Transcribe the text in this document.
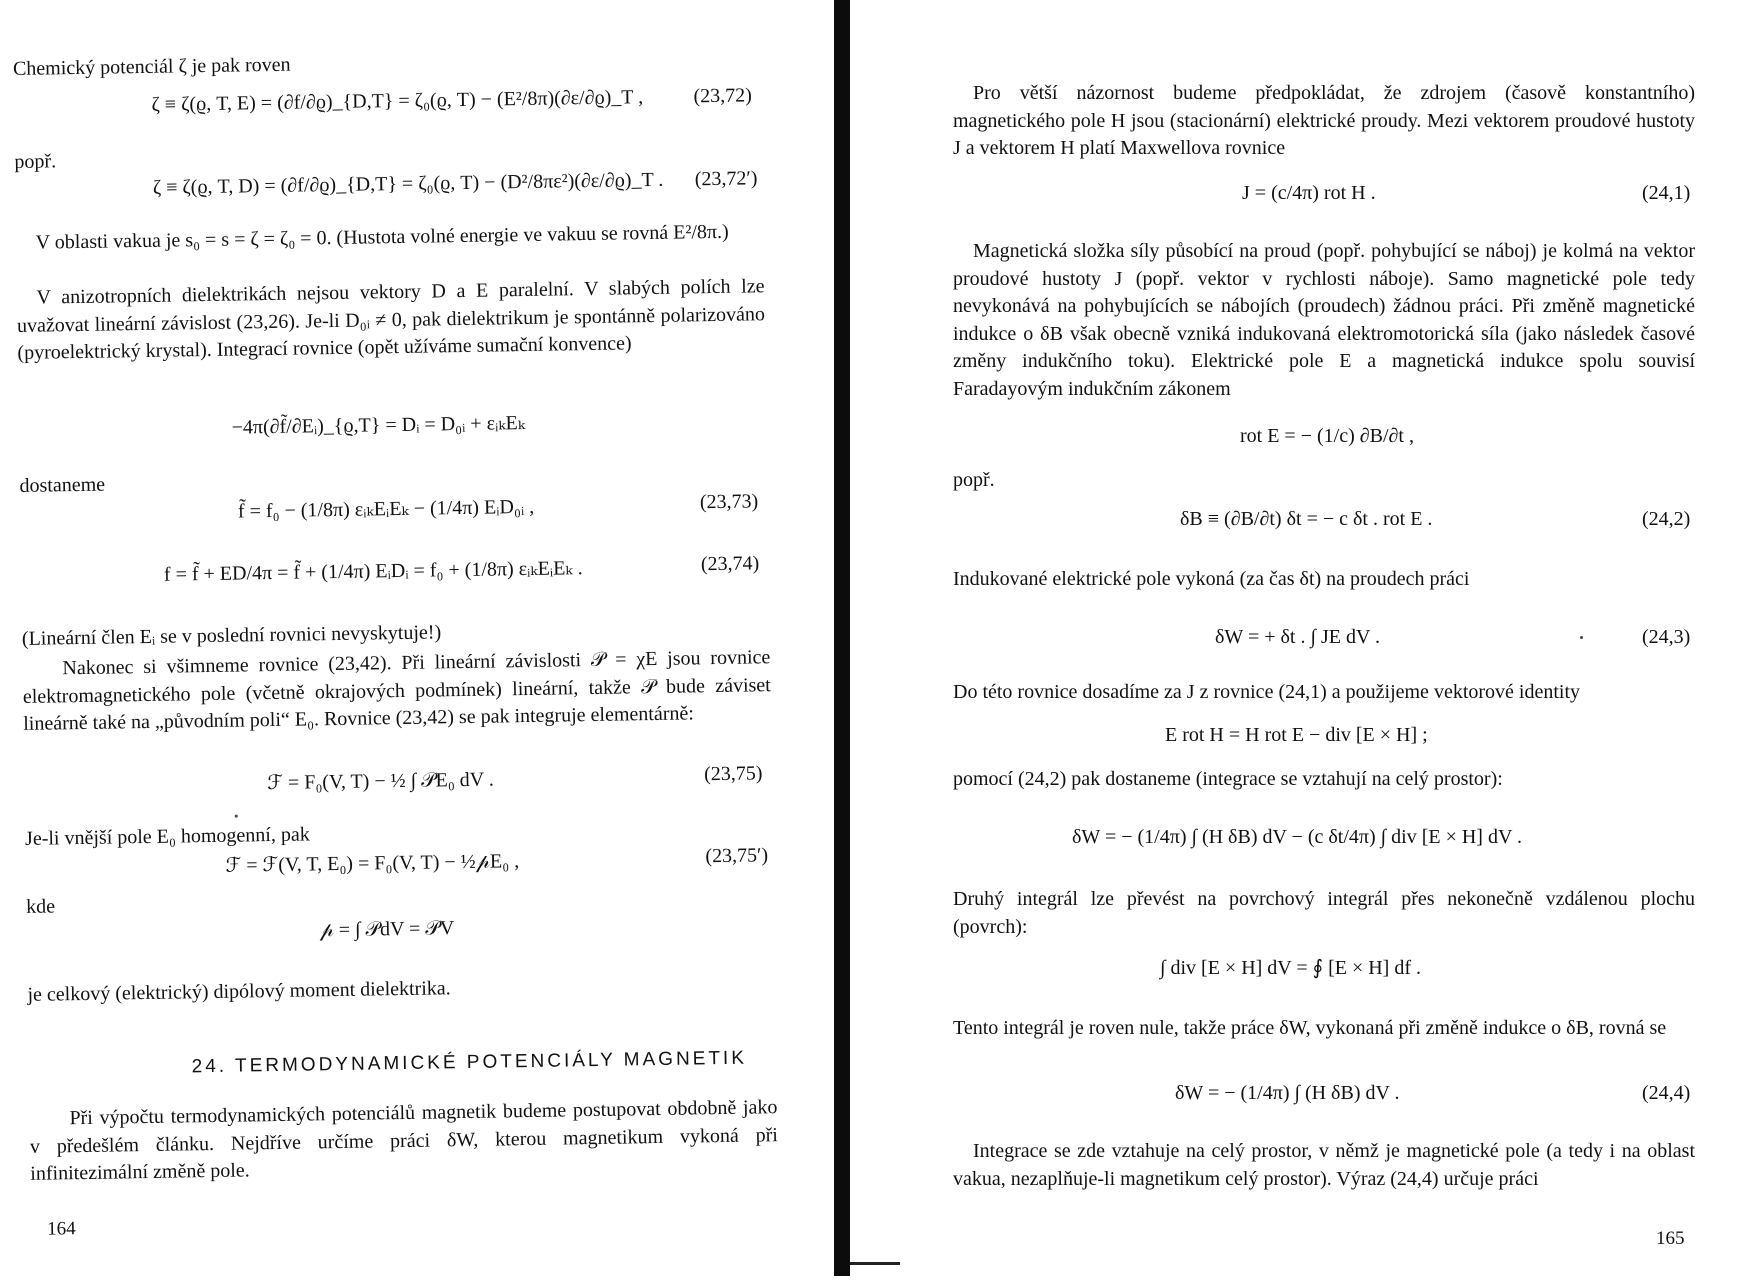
Chemický potenciál ζ je pak roven
ζ ≡ ζ(ϱ, T, E) = (∂f/∂ϱ)_{D,T} = ζ₀(ϱ, T) − (E²/8π)(∂ε/∂ϱ)_T , (23,72)
popř.
ζ ≡ ζ(ϱ, T, D) = (∂f/∂ϱ)_{D,T} = ζ₀(ϱ, T) − (D²/8πε²)(∂ε/∂ϱ)_T . (23,72′)

V oblasti vakua je s₀ = s = ζ = ζ₀ = 0. (Hustota volné energie ve vakuu se rovná E²/8π.)

V anizotropních dielektrikách nejsou vektory D a E paralelní. V slabých polích lze uvažovat lineární závislost (23,26). Je-li D₀ᵢ ≠ 0, pak dielektrikum je spontánně polarizováno (pyroelektrický krystal). Integrací rovnice (opět užíváme sumační konvence)

−4π(∂f̃/∂Eᵢ)_{ϱ,T} = Dᵢ = D₀ᵢ + εᵢₖEₖ
dostaneme
f̃ = f₀ − (1/8π) εᵢₖEᵢEₖ − (1/4π) EᵢD₀ᵢ ,	(23,73)
f = f̃ + ED/4π = f̃ + (1/4π) EᵢDᵢ = f₀ + (1/8π) εᵢₖEᵢEₖ .	(23,74)
(Lineární člen Eᵢ se v poslední rovnici nevyskytuje!)

Nakonec si všimneme rovnice (23,42). Při lineární závislosti 𝒫 = χE jsou rovnice elektromagnetického pole (včetně okrajových podmínek) lineární, takže 𝒫 bude záviset lineárně také na „původním poli“ E₀. Rovnice (23,42) se pak integruje elementárně:

ℱ = F₀(V, T) − ½ ∫ 𝒫E₀ dV .	(23,75)
Je-li vnější pole E₀ homogenní, pak
ℱ = ℱ(V, T, E₀) = F₀(V, T) − ½𝓅E₀ ,	(23,75′)
kde
𝓅 = ∫ 𝒫dV = 𝒫V
je celkový (elektrický) dipólový moment dielektrika.
24. TERMODYNAMICKÉ POTENCIÁLY MAGNETIK

Při výpočtu termodynamických potenciálů magnetik budeme postupovat obdobně jako v předešlém článku. Nejdříve určíme práci δW, kterou magnetikum vykoná při infinitezimální změně pole.

164

Pro větší názornost budeme předpokládat, že zdrojem (časově konstantního) magnetického pole H jsou (stacionární) elektrické proudy. Mezi vektorem proudové hustoty J a vektorem H platí Maxwellova rovnice

J = (c/4π) rot H .	(24,1)

Magnetická složka síly působící na proud (popř. pohybující se náboj) je kolmá na vektor proudové hustoty J (popř. vektor v rychlosti náboje). Samo magnetické pole tedy nevykonává na pohybujících se nábojích (proudech) žádnou práci. Při změně magnetické indukce o δB však obecně vzniká indukovaná elektromotorická síla (jako následek časové změny indukčního toku). Elektrické pole E a magnetická indukce spolu souvisí Faradayovým indukčním zákonem

rot E = − (1/c) ∂B/∂t ,
popř.
δB ≡ (∂B/∂t) δt = − c δt . rot E .	(24,2)
Indukované elektrické pole vykoná (za čas δt) na proudech práci
δW = + δt . ∫ JE dV .	(24,3)
Do této rovnice dosadíme za J z rovnice (24,1) a použijeme vektorové identity
E rot H = H rot E − div [E × H] ;
pomocí (24,2) pak dostaneme (integrace se vztahují na celý prostor):
δW = − (1/4π) ∫ (H δB) dV − (c δt/4π) ∫ div [E × H] dV .

Druhý integrál lze převést na povrchový integrál přes nekonečně vzdálenou plochu (povrch):

∫ div [E × H] dV = ∮ [E × H] df .

Tento integrál je roven nule, takže práce δW, vykonaná při změně indukce o δB, rovná se

δW = − (1/4π) ∫ (H δB) dV .	(24,4)

Integrace se zde vztahuje na celý prostor, v němž je magnetické pole (a tedy i na oblast vakua, nezaplňuje-li magnetikum celý prostor). Výraz (24,4) určuje práci

165
